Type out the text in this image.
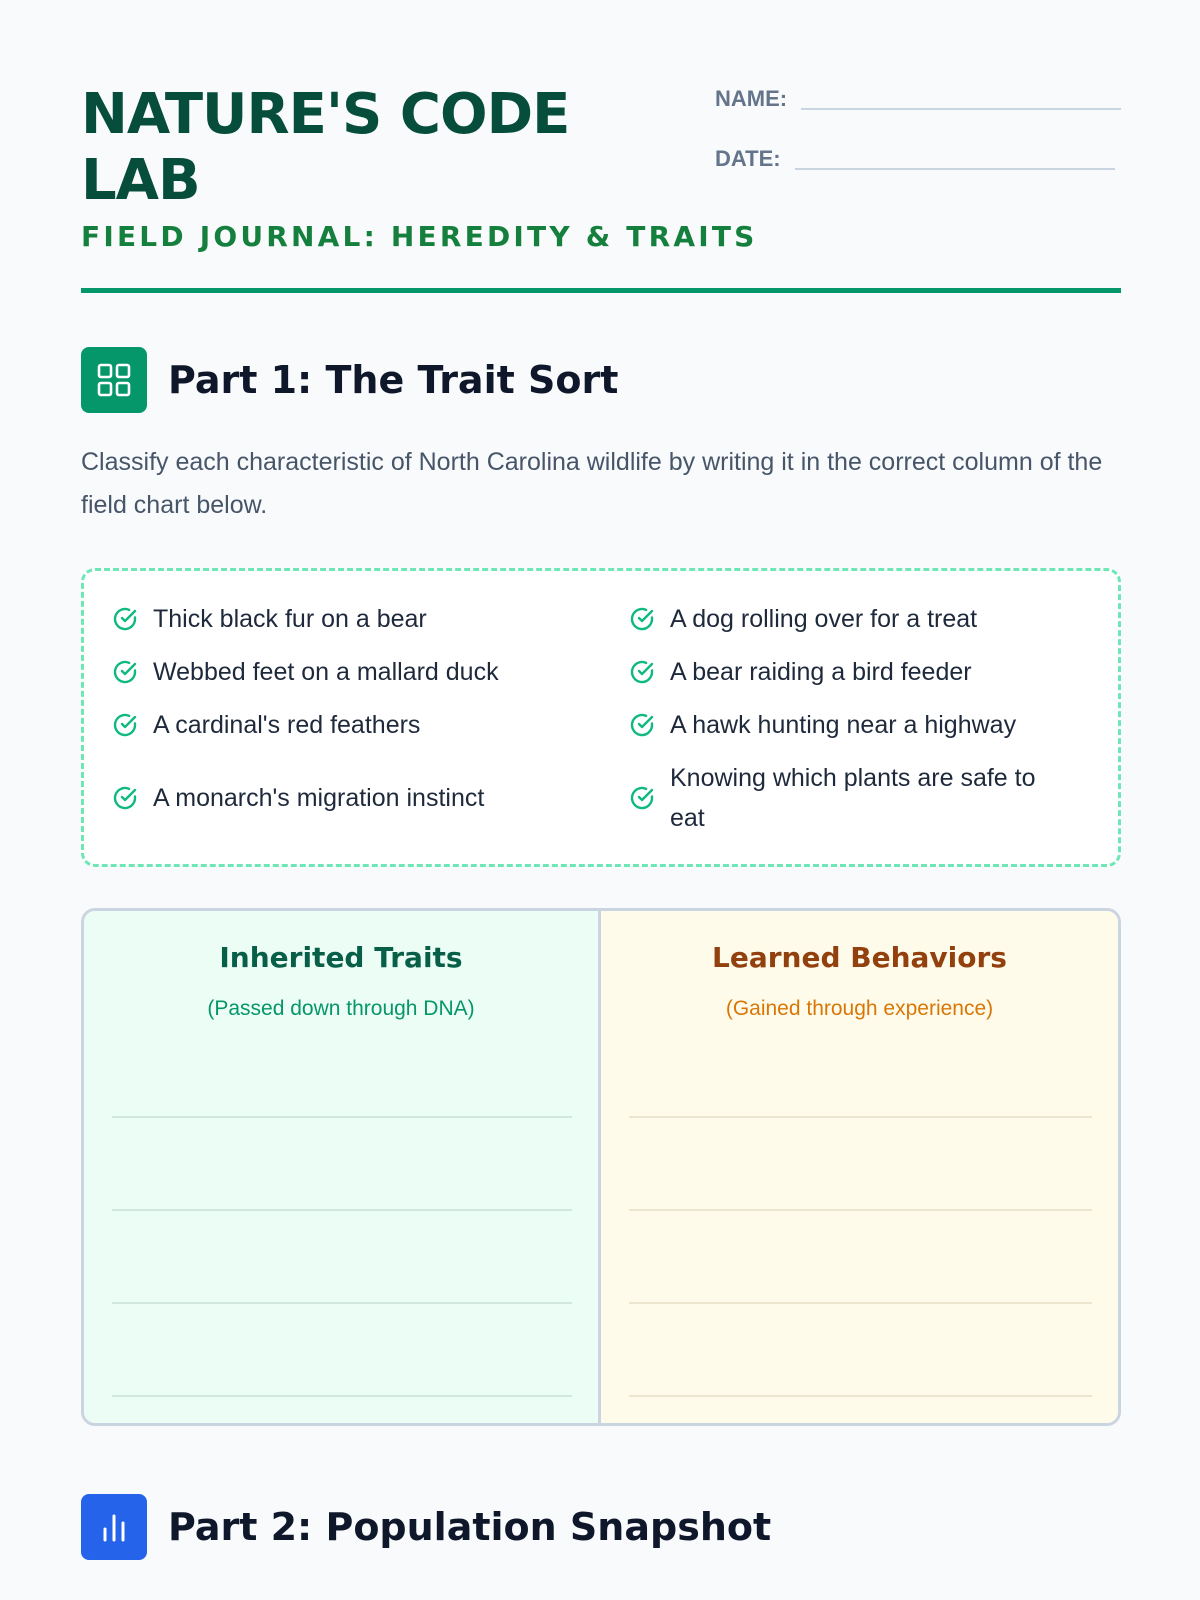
NATURE'S CODE LAB
FIELD JOURNAL: HEREDITY & TRAITS
NAME:
DATE:
Part 1: The Trait Sort

Classify each characteristic of North Carolina wildlife by writing it in the correct column of the field chart below.

Thick black fur on a bear
Webbed feet on a mallard duck
A cardinal's red feathers
A monarch's migration instinct
A dog rolling over for a treat
A bear raiding a bird feeder
A hawk hunting near a highway
Knowing which plants are safe to eat
Inherited Traits
(Passed down through DNA)
Learned Behaviors
(Gained through experience)
Part 2: Population Snapshot
